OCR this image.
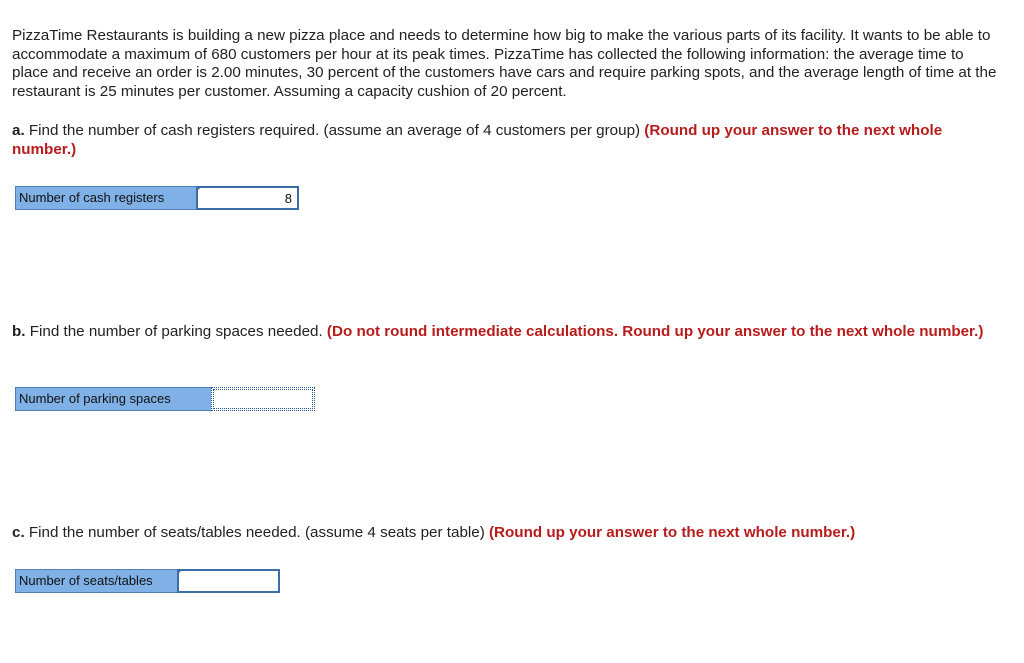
PizzaTime Restaurants is building a new pizza place and needs to determine how big to make the various parts of its facility. It wants to be able to accommodate a maximum of 680 customers per hour at its peak times. PizzaTime has collected the following information: the average time to place and receive an order is 2.00 minutes, 30 percent of the customers have cars and require parking spots, and the average length of time at the restaurant is 25 minutes per customer. Assuming a capacity cushion of 20 percent.

a. Find the number of cash registers required. (assume an average of 4 customers per group) (Round up your answer to the next whole number.)

Number of cash registers
8

b. Find the number of parking spaces needed. (Do not round intermediate calculations. Round up your answer to the next whole number.)

Number of parking spaces

c. Find the number of seats/tables needed. (assume 4 seats per table) (Round up your answer to the next whole number.)

Number of seats/tables
